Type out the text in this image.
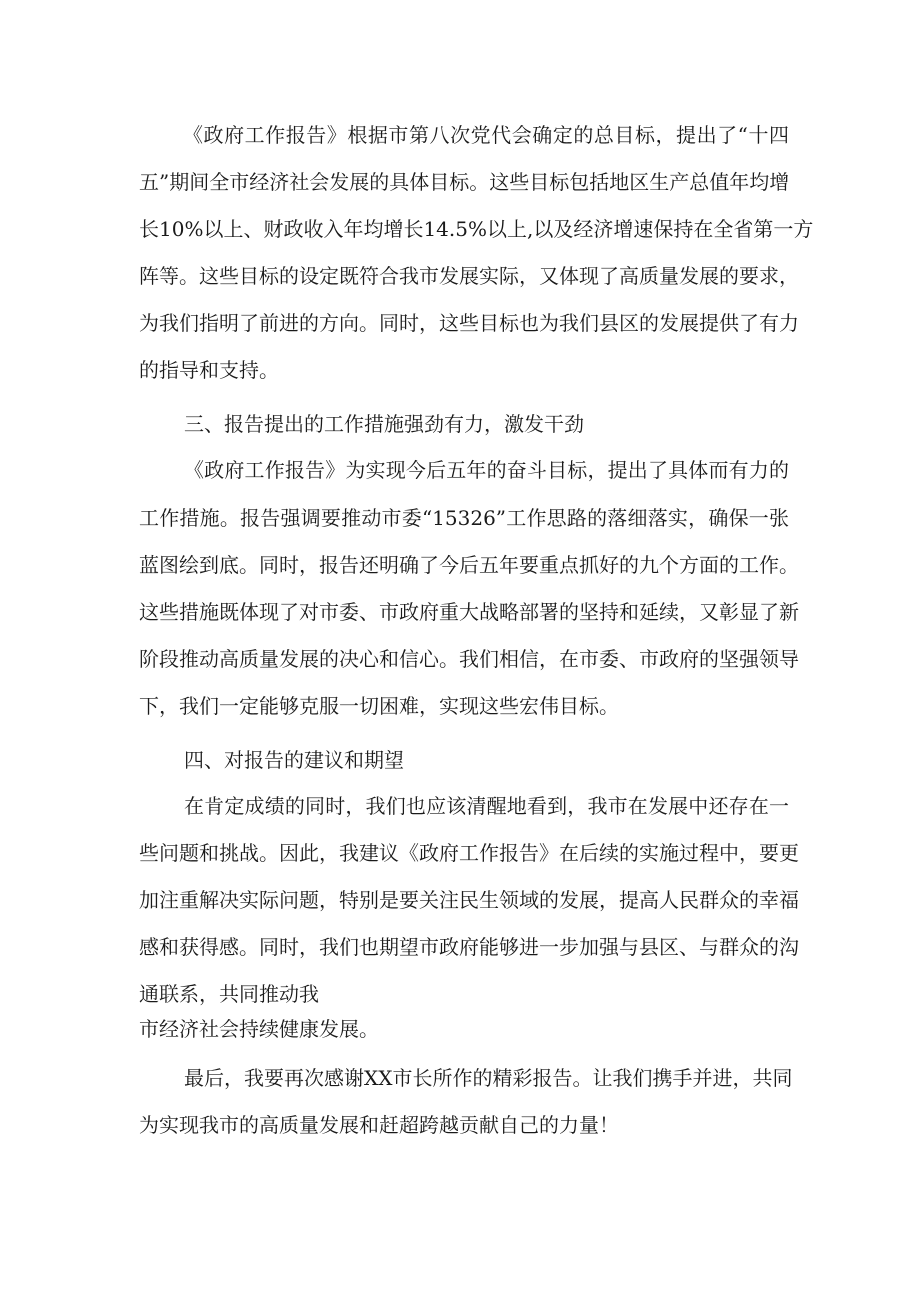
《政府工作报告》根据市第八次党代会确定的总目标，提出了“十四
五”期间全市经济社会发展的具体目标。这些目标包括地区生产总值年均增
长10%以上、财政收入年均增长14.5%以上,以及经济增速保持在全省第一方
阵等。这些目标的设定既符合我市发展实际，又体现了高质量发展的要求，
为我们指明了前进的方向。同时，这些目标也为我们县区的发展提供了有力
的指导和支持。
三、报告提出的工作措施强劲有力，激发干劲
《政府工作报告》为实现今后五年的奋斗目标，提出了具体而有力的
工作措施。报告强调要推动市委“15326”工作思路的落细落实，确保一张
蓝图绘到底。同时，报告还明确了今后五年要重点抓好的九个方面的工作。
这些措施既体现了对市委、市政府重大战略部署的坚持和延续，又彰显了新
阶段推动高质量发展的决心和信心。我们相信，在市委、市政府的坚强领导
下，我们一定能够克服一切困难，实现这些宏伟目标。
四、对报告的建议和期望
在肯定成绩的同时，我们也应该清醒地看到，我市在发展中还存在一
些问题和挑战。因此，我建议《政府工作报告》在后续的实施过程中，要更
加注重解决实际问题，特别是要关注民生领域的发展，提高人民群众的幸福
感和获得感。同时，我们也期望市政府能够进一步加强与县区、与群众的沟
通联系，共同推动我
市经济社会持续健康发展。
最后，我要再次感谢XX市长所作的精彩报告。让我们携手并进，共同
为实现我市的高质量发展和赶超跨越贡献自己的力量！
